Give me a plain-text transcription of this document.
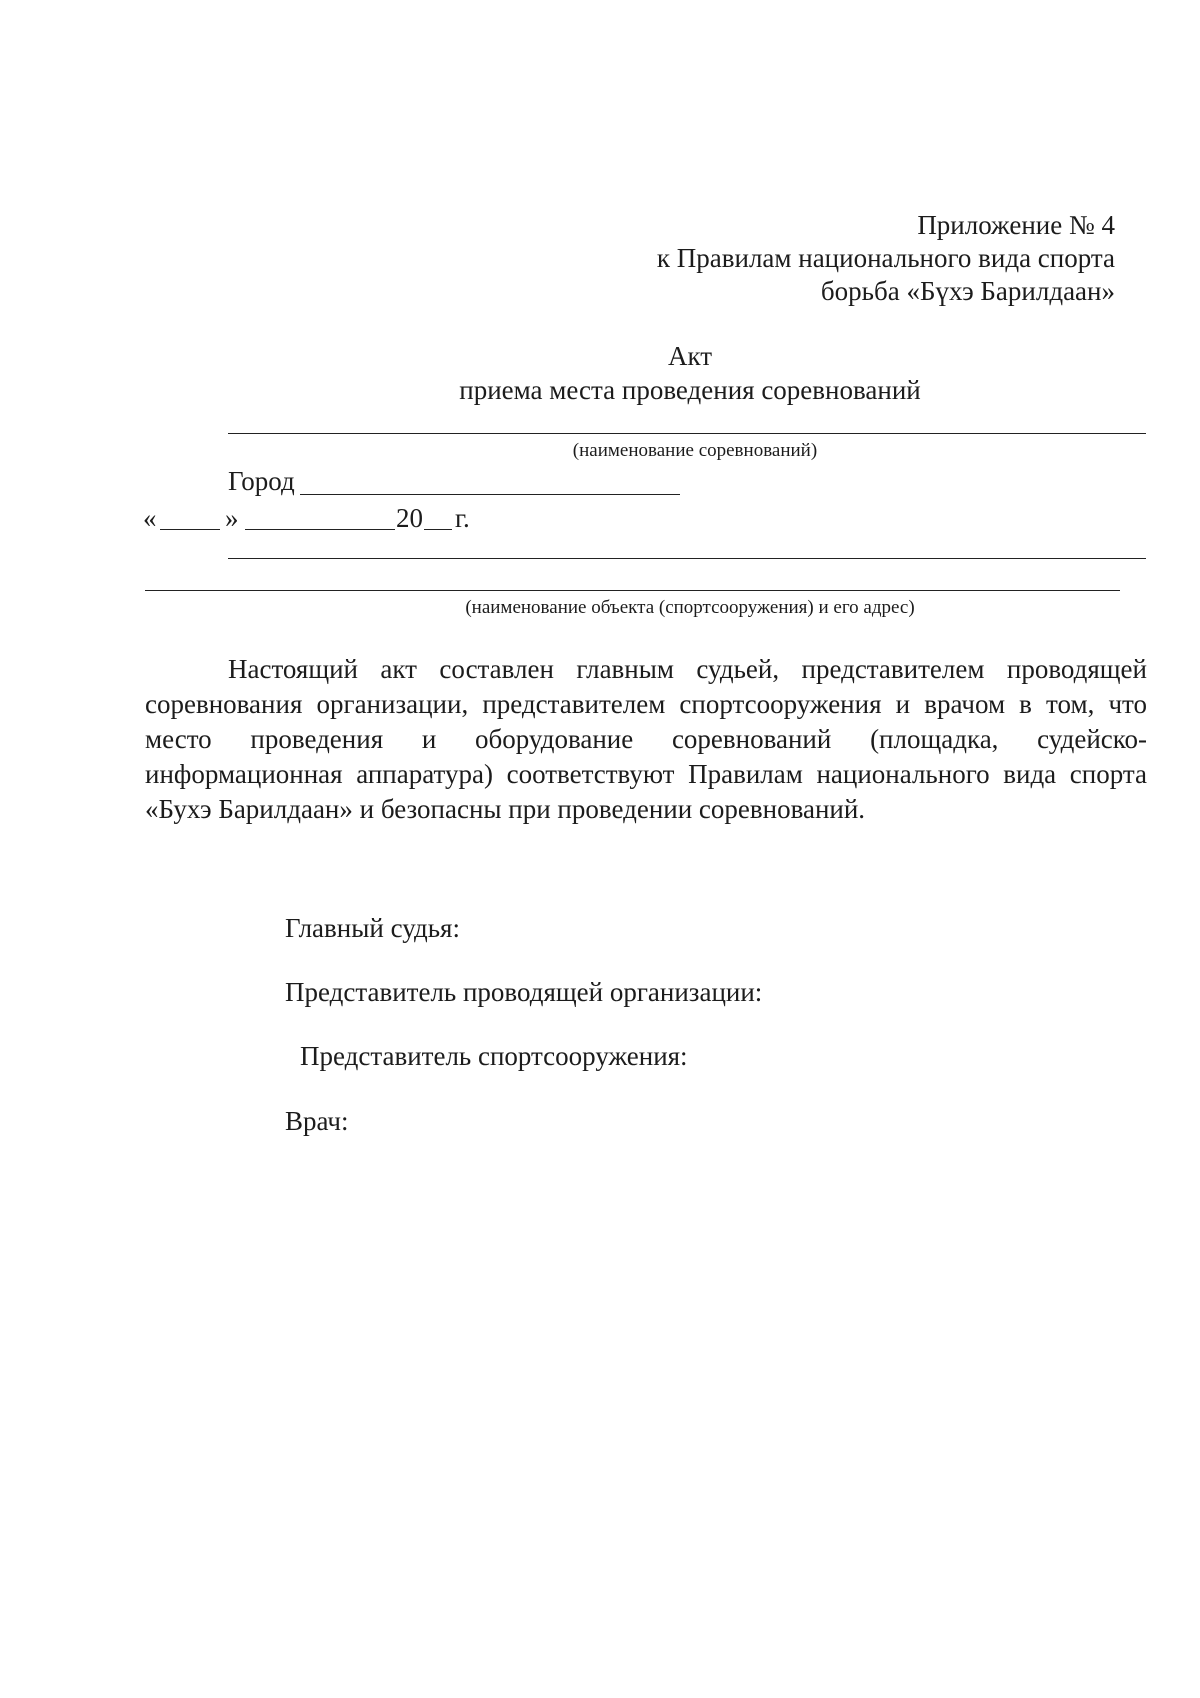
Приложение № 4
к Правилам национального вида спорта
борьба «Бүхэ Барилдаан»
Акт
приема места проведения соревнований
(наименование соревнований)
Город
«	»	20 г.
(наименование объекта (спортсооружения) и его адрес)
Настоящий акт составлен главным судьей, представителем проводящей
соревнования организации, представителем спортсооружения и врачом в том, что
место проведения и оборудование соревнований (площадка, судейско-
информационная аппаратура) соответствуют Правилам национального вида спорта
«Бухэ Барилдаан» и безопасны при проведении соревнований.
Главный судья:
Представитель проводящей организации:
Представитель спортсооружения:
Врач:
